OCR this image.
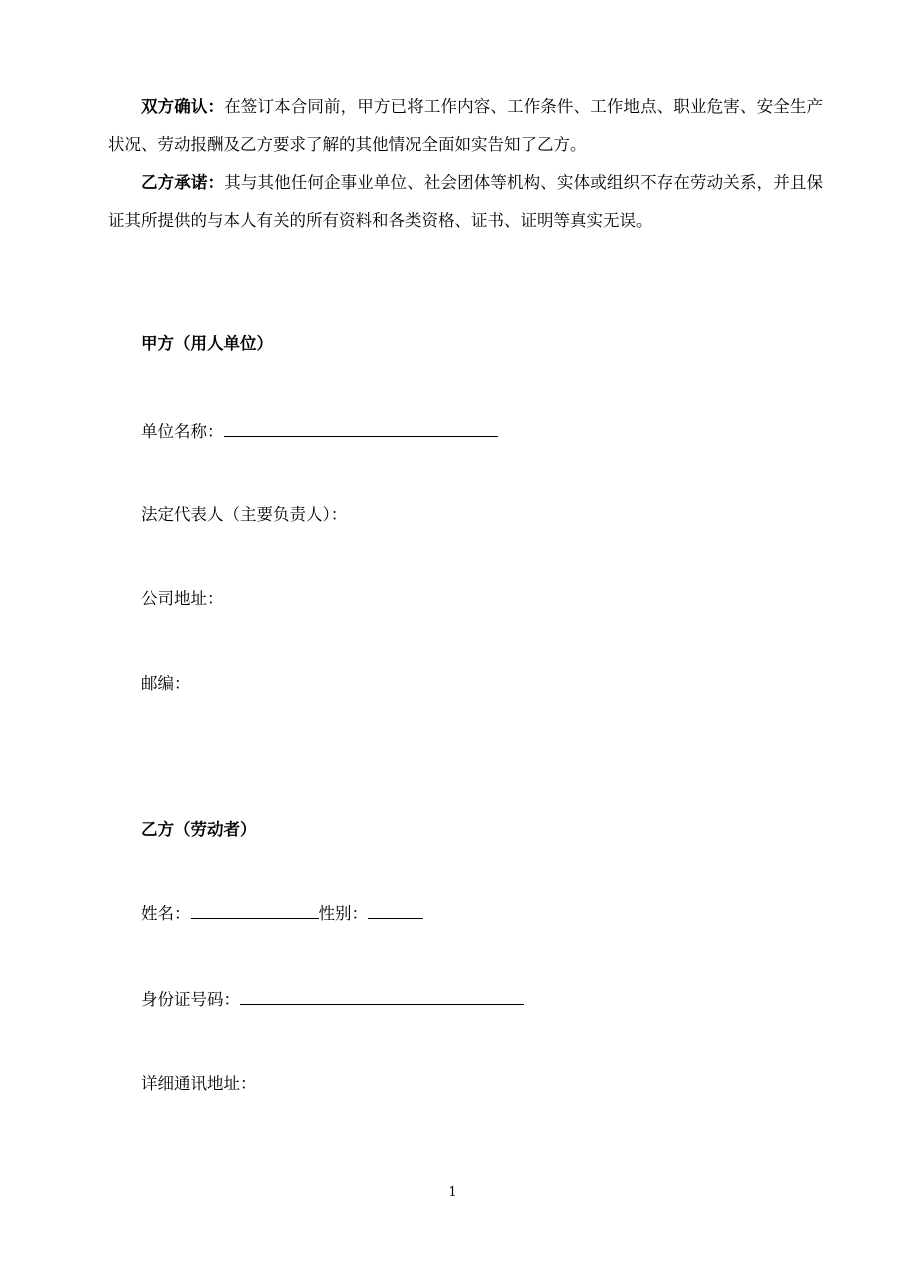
双方确认：在签订本合同前，甲方已将工作内容、工作条件、工作地点、职业危害、安全生产状况、劳动报酬及乙方要求了解的其他情况全面如实告知了乙方。

乙方承诺：其与其他任何企事业单位、社会团体等机构、实体或组织不存在劳动关系，并且保证其所提供的与本人有关的所有资料和各类资格、证书、证明等真实无误。

甲方（用人单位）
单位名称：
法定代表人（主要负责人）：
公司地址：
邮编：
乙方（劳动者）
姓名：	性别：
身份证号码：
详细通讯地址：
1
